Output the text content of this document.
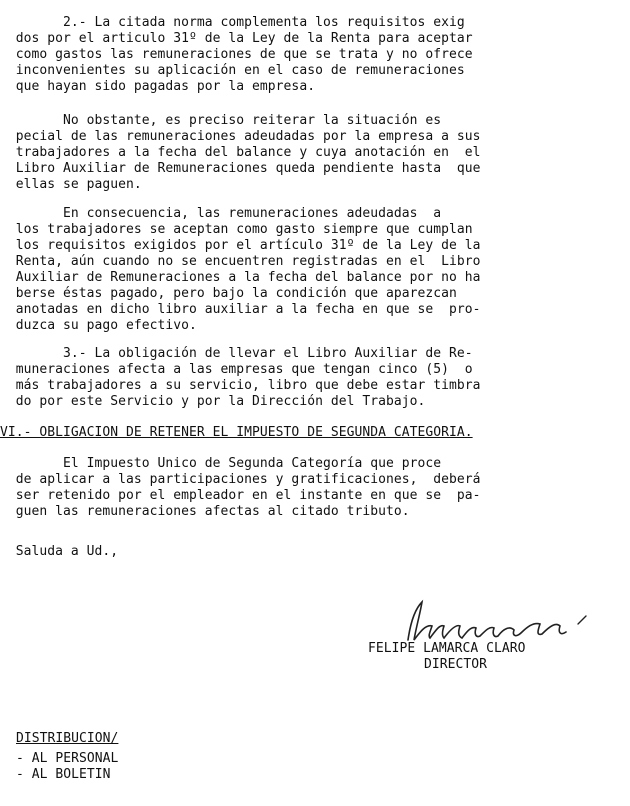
2.- La citada norma complementa los requisitos exig
dos por el articulo 31º de la Ley de la Renta para aceptar
como gastos las remuneraciones de que se trata y no ofrece
inconvenientes su aplicación en el caso de remuneraciones
que hayan sido pagadas por la empresa.
No obstante, es preciso reiterar la situación es
pecial de las remuneraciones adeudadas por la empresa a sus
trabajadores a la fecha del balance y cuya anotación en  el
Libro Auxiliar de Remuneraciones queda pendiente hasta  que
ellas se paguen.
En consecuencia, las remuneraciones adeudadas  a
los trabajadores se aceptan como gasto siempre que cumplan
los requisitos exigidos por el artículo 31º de la Ley de la
Renta, aún cuando no se encuentren registradas en el  Libro
Auxiliar de Remuneraciones a la fecha del balance por no ha
berse éstas pagado, pero bajo la condición que aparezcan
anotadas en dicho libro auxiliar a la fecha en que se  pro-
duzca su pago efectivo.
3.- La obligación de llevar el Libro Auxiliar de Re-
muneraciones afecta a las empresas que tengan cinco (5)  o
más trabajadores a su servicio, libro que debe estar timbra
do por este Servicio y por la Dirección del Trabajo.
VI.- OBLIGACION DE RETENER EL IMPUESTO DE SEGUNDA CATEGORIA.
El Impuesto Unico de Segunda Categoría que proce
de aplicar a las participaciones y gratificaciones,  deberá
ser retenido por el empleador en el instante en que se  pa-
guen las remuneraciones afectas al citado tributo.
Saluda a Ud.,
FELIPE LAMARCA CLARO
DIRECTOR
DISTRIBUCION/
- AL PERSONAL
- AL BOLETIN
